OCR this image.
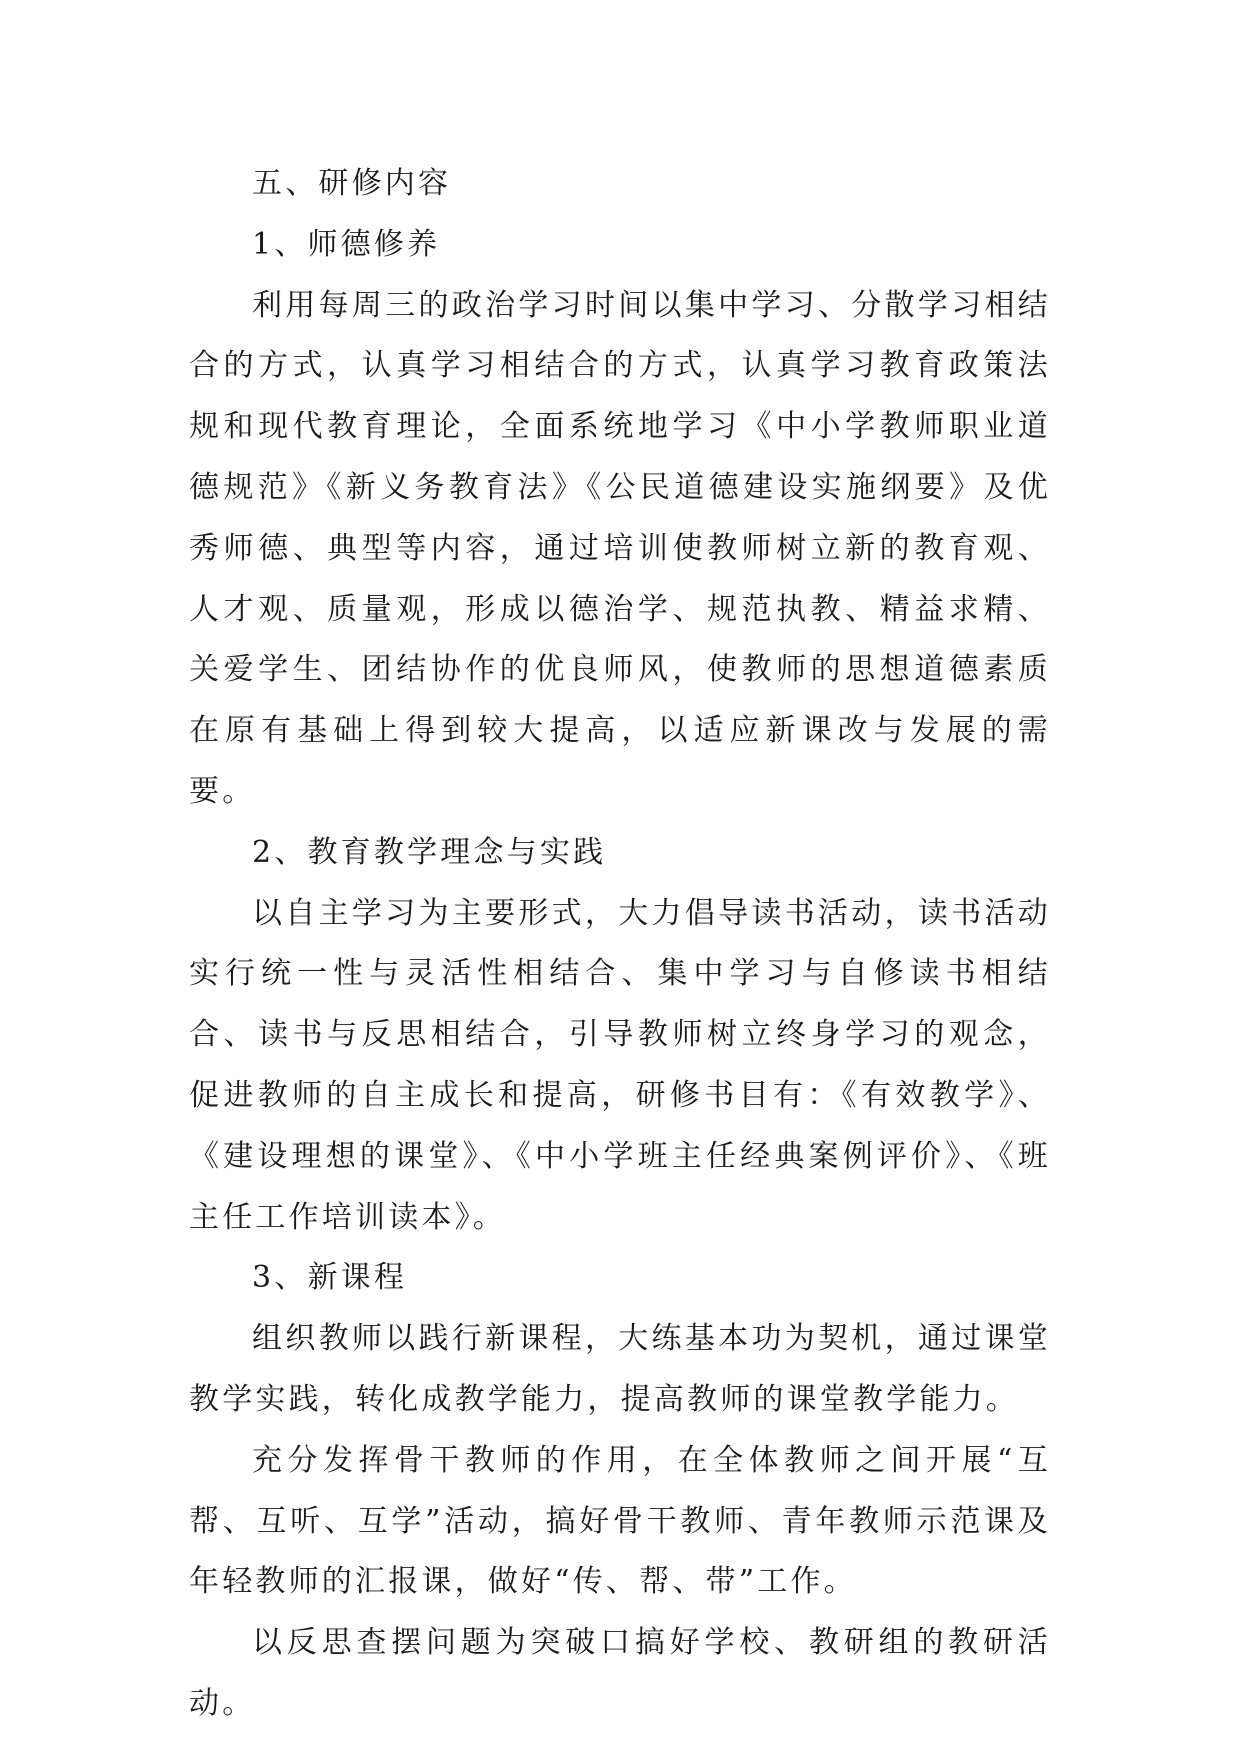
五、研修内容

1、师德修养

利用每周三的政治学习时间以集中学习、分散学习相结合的方式，认真学习相结合的方式，认真学习教育政策法规和现代教育理论，全面系统地学习《中小学教师职业道德规范》《新义务教育法》《公民道德建设实施纲要》及优秀师德、典型等内容，通过培训使教师树立新的教育观、人才观、质量观，形成以德治学、规范执教、精益求精、关爱学生、团结协作的优良师风，使教师的思想道德素质在原有基础上得到较大提高，以适应新课改与发展的需要。

2、教育教学理念与实践

以自主学习为主要形式，大力倡导读书活动，读书活动实行统一性与灵活性相结合、集中学习与自修读书相结合、读书与反思相结合，引导教师树立终身学习的观念，促进教师的自主成长和提高，研修书目有：《有效教学》、《建设理想的课堂》、《中小学班主任经典案例评价》、《班主任工作培训读本》。

3、新课程

组织教师以践行新课程，大练基本功为契机，通过课堂教学实践，转化成教学能力，提高教师的课堂教学能力。

充分发挥骨干教师的作用，在全体教师之间开展“互帮、互听、互学”活动，搞好骨干教师、青年教师示范课及年轻教师的汇报课，做好“传、帮、带”工作。

以反思查摆问题为突破口搞好学校、教研组的教研活动。
